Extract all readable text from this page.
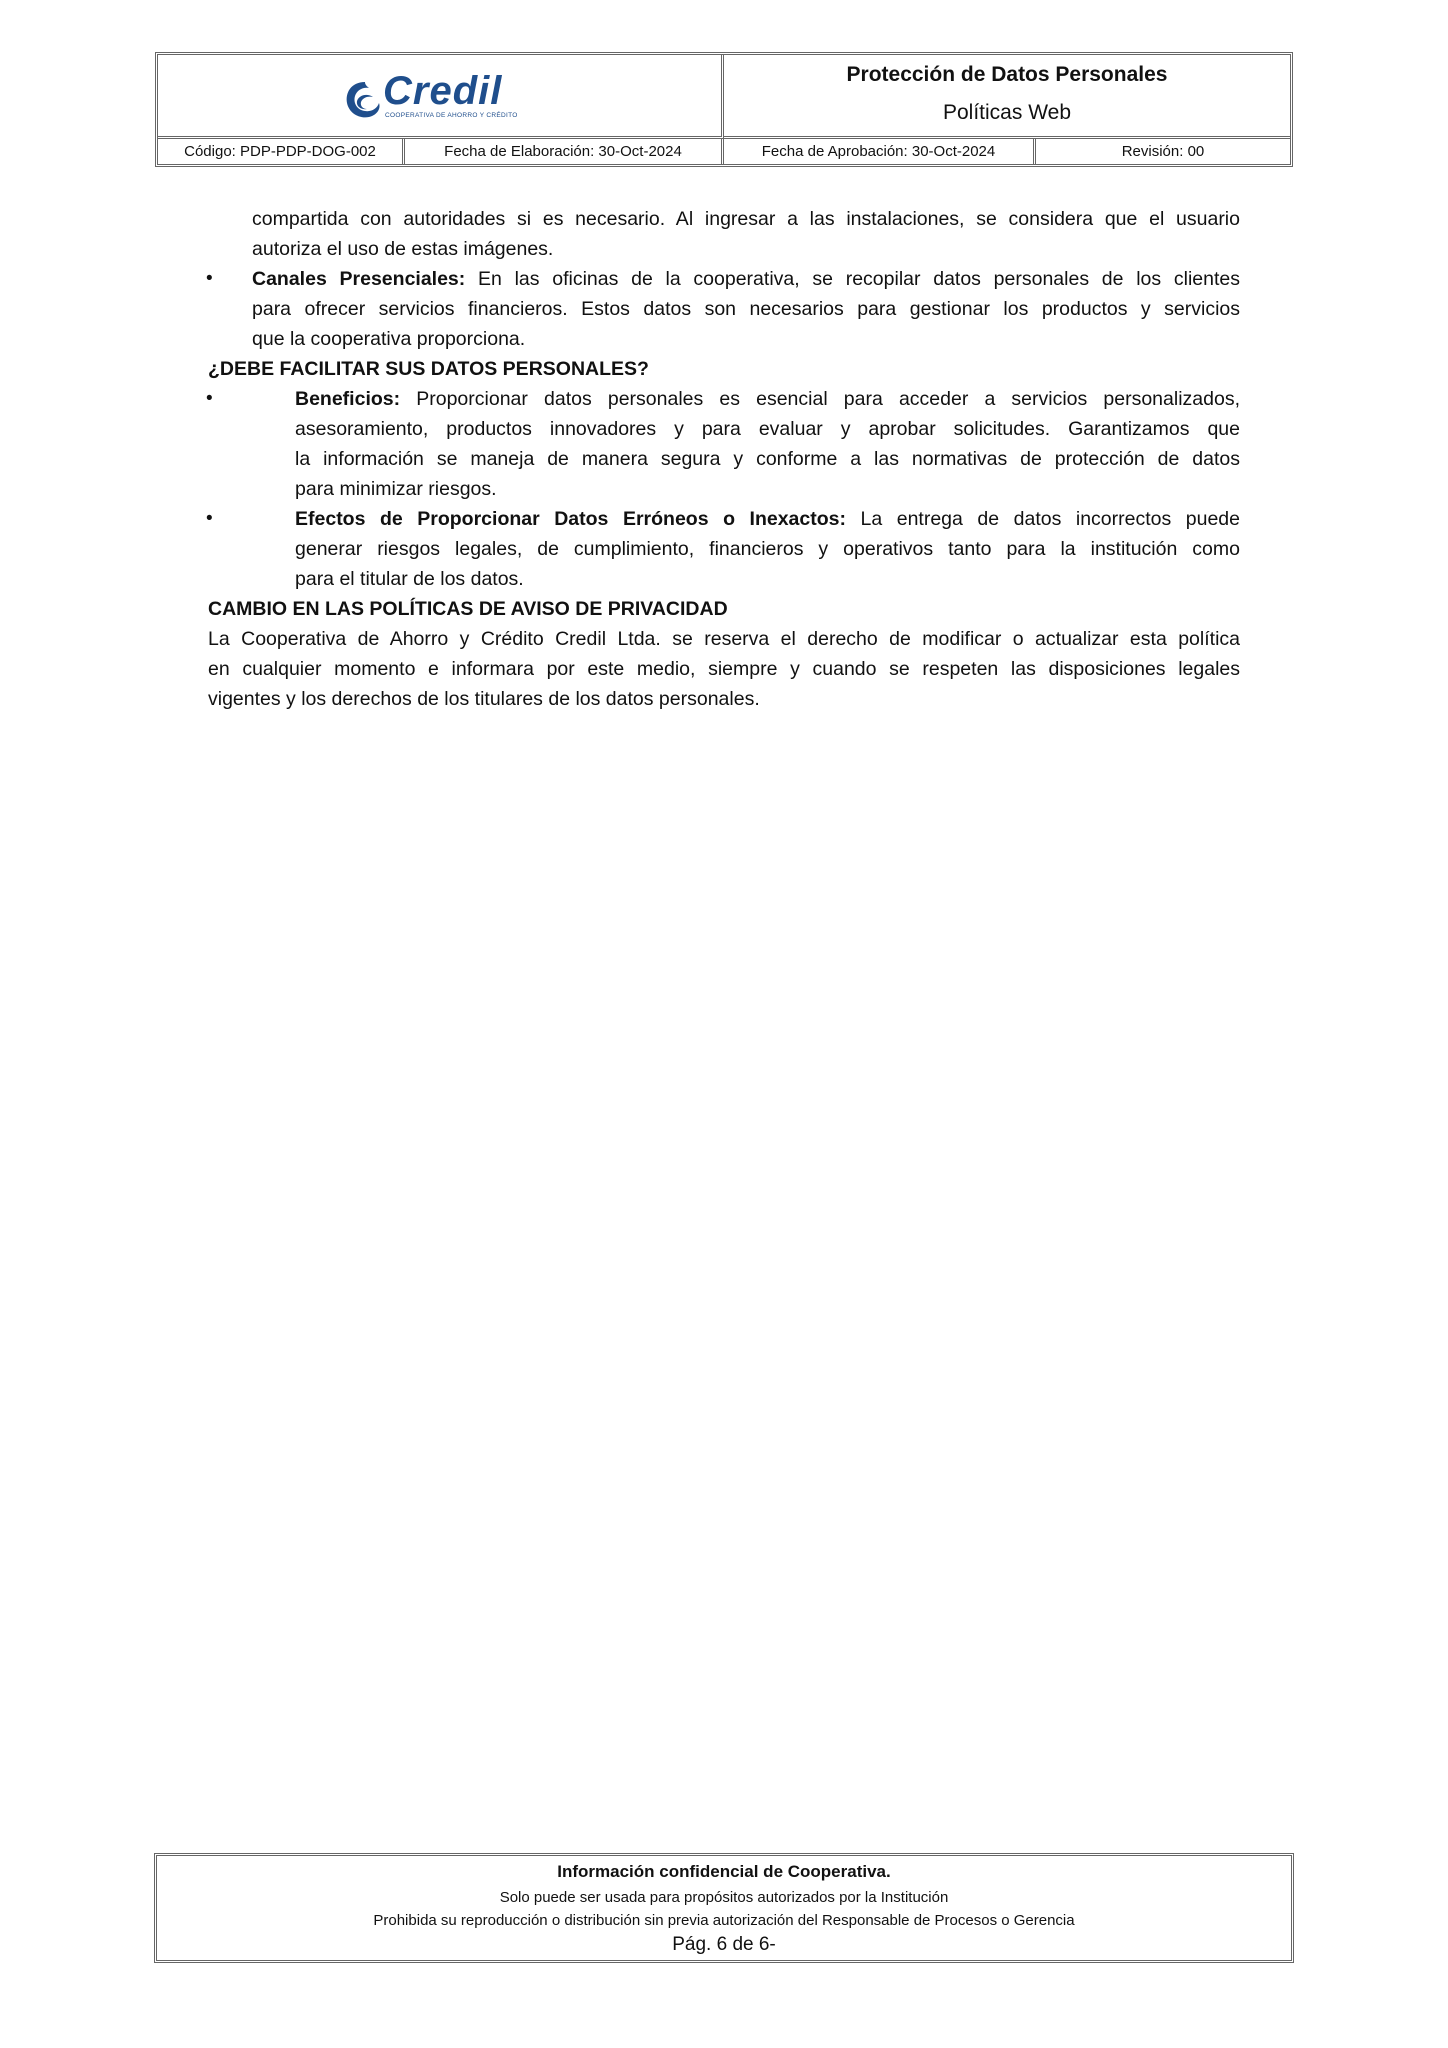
Credil
COOPERATIVA DE AHORRO Y CRÉDITO
Protección de Datos Personales
Políticas Web
Código: PDP-PDP-DOG-002	Fecha de Elaboración: 30-Oct-2024	Fecha de Aprobación: 30-Oct-2024	Revisión: 00
compartida con autoridades si es necesario. Al ingresar a las instalaciones, se considera que el usuario
autoriza el uso de estas imágenes.
• Canales Presenciales: En las oficinas de la cooperativa, se recopilar datos personales de los clientes
para ofrecer servicios financieros. Estos datos son necesarios para gestionar los productos y servicios
que la cooperativa proporciona.
¿DEBE FACILITAR SUS DATOS PERSONALES?
•	Beneficios: Proporcionar datos personales es esencial para acceder a servicios personalizados,
asesoramiento, productos innovadores y para evaluar y aprobar solicitudes. Garantizamos que
la información se maneja de manera segura y conforme a las normativas de protección de datos
para minimizar riesgos.
•	Efectos de Proporcionar Datos Erróneos o Inexactos: La entrega de datos incorrectos puede
generar riesgos legales, de cumplimiento, financieros y operativos tanto para la institución como
para el titular de los datos.
CAMBIO EN LAS POLÍTICAS DE AVISO DE PRIVACIDAD
La Cooperativa de Ahorro y Crédito Credil Ltda. se reserva el derecho de modificar o actualizar esta política
en cualquier momento e informara por este medio, siempre y cuando se respeten las disposiciones legales
vigentes y los derechos de los titulares de los datos personales.
Información confidencial de Cooperativa.
Solo puede ser usada para propósitos autorizados por la Institución
Prohibida su reproducción o distribución sin previa autorización del Responsable de Procesos o Gerencia
Pág. 6 de 6-
